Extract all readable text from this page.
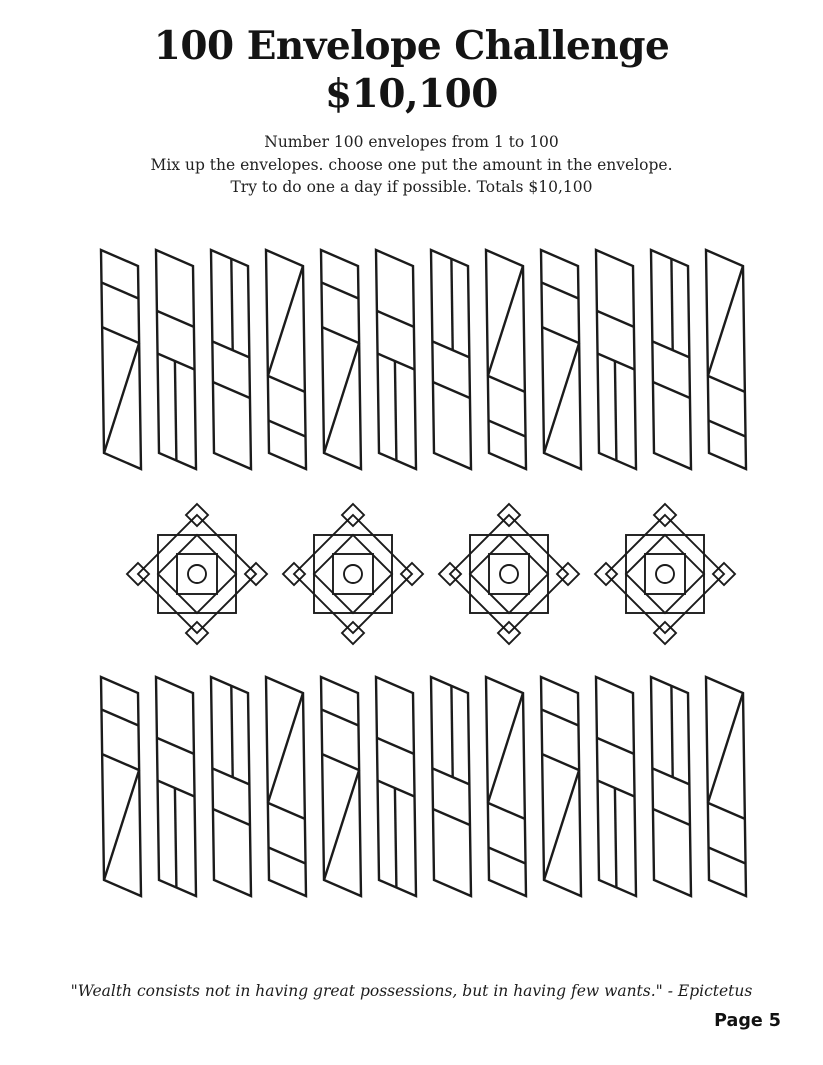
100 Envelope Challenge
$10,100
Number 100 envelopes from 1 to 100
Mix up the envelopes. choose one put the amount in the envelope.
Try to do one a day if possible. Totals $10,100
"Wealth consists not in having great possessions, but in having few wants." - Epictetus
Page 5
